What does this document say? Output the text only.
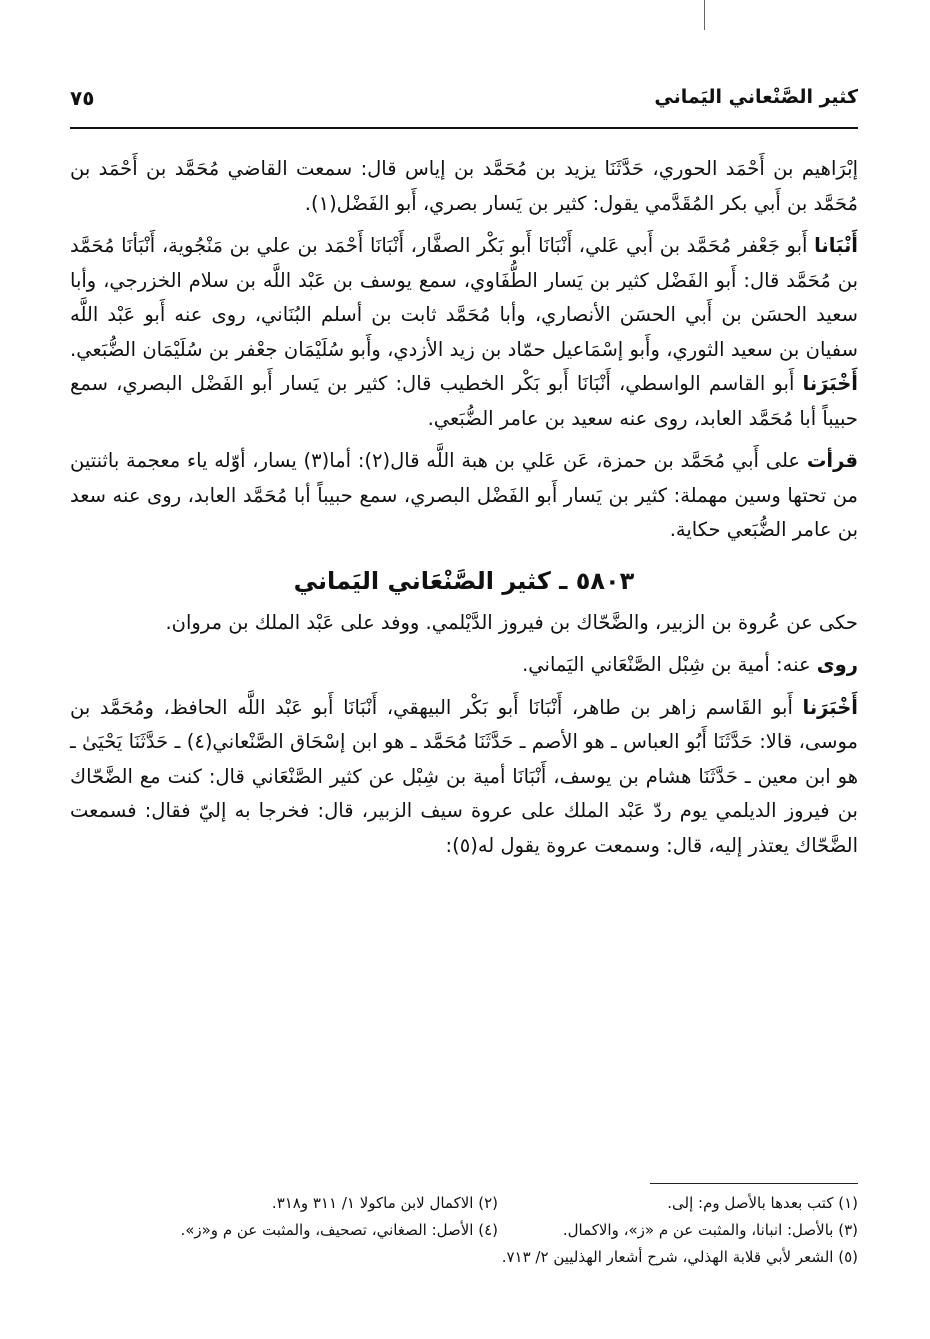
كثير الصَّنْعاني اليَماني
٧٥

إبْرَاهيم بن أَحْمَد الحوري، حَدَّثَنَا يزيد بن مُحَمَّد بن إياس قال: سمعت القاضي مُحَمَّد بن أَحْمَد بن مُحَمَّد بن أَبي بكر المُقَدَّمي يقول: كثير بن يَسار بصري، أَبو الفَضْل(١).

أَنْبَانا أَبو جَعْفر مُحَمَّد بن أَبي عَلي، أَنْبَانَا أَبو بَكْر الصفَّار، أَنْبَانَا أَحْمَد بن علي بن مَنْجُوية، أَنْبَأنَا مُحَمَّد بن مُحَمَّد قال: أَبو الفَضْل كثير بن يَسار الطُّفَاوي، سمع يوسف بن عَبْد اللَّه بن سلام الخزرجي، وأبا سعيد الحسَن بن أَبي الحسَن الأنصاري، وأبا مُحَمَّد ثابت بن أسلم البُنَاني، روى عنه أَبو عَبْد اللَّه سفيان بن سعيد الثوري، وأَبو إسْمَاعيل حمّاد بن زيد الأزدي، وأَبو سُلَيْمَان جعْفر بن سُلَيْمَان الضُّبَعي. أَخْبَرَنا أَبو القاسم الواسطي، أَنْبَانَا أَبو بَكْر الخطيب قال: كثير بن يَسار أَبو الفَضْل البصري، سمع حبيباً أبا مُحَمَّد العابد، روى عنه سعيد بن عامر الضُّبَعي.

قرأت على أَبي مُحَمَّد بن حمزة، عَن عَلي بن هبة اللَّه قال(٢): أما(٣) يسار، أوّله ياء معجمة باثنتين من تحتها وسين مهملة: كثير بن يَسار أَبو الفَضْل البصري، سمع حبيباً أبا مُحَمَّد العابد، روى عنه سعد بن عامر الضُّبَعي حكاية.

٥٨٠٣ ـ كثير الصَّنْعَاني اليَماني

حكى عن عُروة بن الزبير، والضَّحّاك بن فيروز الدَّيْلمي. ووفد على عَبْد الملك بن مروان.

روى عنه: أمية بن شِبْل الصَّنْعَاني اليَماني.

أَخْبَرَنا أَبو القَاسم زاهر بن طاهر، أَنْبَانَا أَبو بَكْر البيهقي، أَنْبَانَا أَبو عَبْد اللَّه الحافظ، ومُحَمَّد بن موسى، قالا: حَدَّثَنَا أَبُو العباس ـ هو الأصم ـ حَدَّثَنَا مُحَمَّد ـ هو ابن إسْحَاق الصَّنْعاني(٤) ـ حَدَّثَنَا يَحْيَىٰ ـ هو ابن معين ـ حَدَّثَنَا هشام بن يوسف، أَنْبَانَا أمية بن شِبْل عن كثير الصَّنْعَاني قال: كنت مع الضَّحّاك بن فيروز الديلمي يوم ردّ عَبْد الملك على عروة سيف الزبير، قال: فخرجا به إليّ فقال: فسمعت الضَّحّاك يعتذر إليه، قال: وسمعت عروة يقول له(٥):

(١) كتب بعدها بالأصل وم: إلى.
(٢) الاكمال لابن ماكولا ١/ ٣١١ و٣١٨.
(٣) بالأصل: انبانا، والمثبت عن م «ز»، والاكمال.
(٤) الأصل: الصغاني، تصحيف، والمثبت عن م و«ز».
(٥) الشعر لأبي قلابة الهذلي، شرح أشعار الهذليين ٢/ ٧١٣.
